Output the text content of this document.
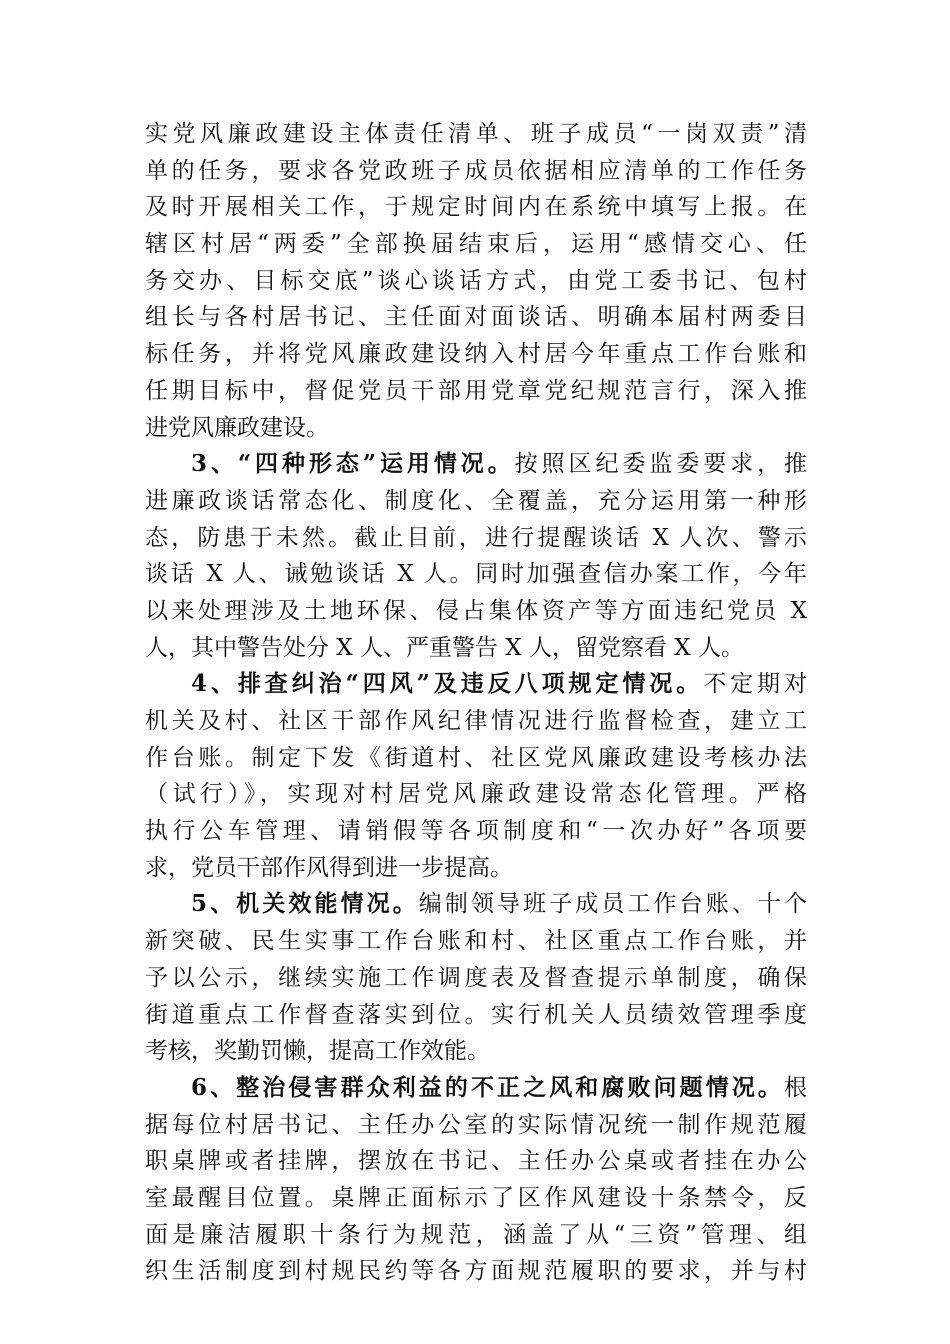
实党风廉政建设主体责任清单、班子成员“一岗双责”清
单的任务，要求各党政班子成员依据相应清单的工作任务
及时开展相关工作，于规定时间内在系统中填写上报。在
辖区村居“两委”全部换届结束后，运用“感情交心、任
务交办、目标交底”谈心谈话方式，由党工委书记、包村
组长与各村居书记、主任面对面谈话、明确本届村两委目
标任务，并将党风廉政建设纳入村居今年重点工作台账和
任期目标中，督促党员干部用党章党纪规范言行，深入推
进党风廉政建设。
3、“四种形态”运用情况。按照区纪委监委要求，推
进廉政谈话常态化、制度化、全覆盖，充分运用第一种形
态，防患于未然。截止目前，进行提醒谈话 X 人次、警示
谈话 X 人、诫勉谈话 X 人。同时加强查信办案工作，今年
以来处理涉及土地环保、侵占集体资产等方面违纪党员 X
人，其中警告处分 X 人、严重警告 X 人，留党察看 X 人。
4、排查纠治“四风”及违反八项规定情况。不定期对
机关及村、社区干部作风纪律情况进行监督检查，建立工
作台账。制定下发《街道村、社区党风廉政建设考核办法
（试行）》，实现对村居党风廉政建设常态化管理。严格
执行公车管理、请销假等各项制度和“一次办好”各项要
求，党员干部作风得到进一步提高。
5、机关效能情况。编制领导班子成员工作台账、十个
新突破、民生实事工作台账和村、社区重点工作台账，并
予以公示，继续实施工作调度表及督查提示单制度，确保
街道重点工作督查落实到位。实行机关人员绩效管理季度
考核，奖勤罚懒，提高工作效能。
6、整治侵害群众利益的不正之风和腐败问题情况。根
据每位村居书记、主任办公室的实际情况统一制作规范履
职桌牌或者挂牌，摆放在书记、主任办公桌或者挂在办公
室最醒目位置。桌牌正面标示了区作风建设十条禁令，反
面是廉洁履职十条行为规范，涵盖了从“三资”管理、组
织生活制度到村规民约等各方面规范履职的要求，并与村
